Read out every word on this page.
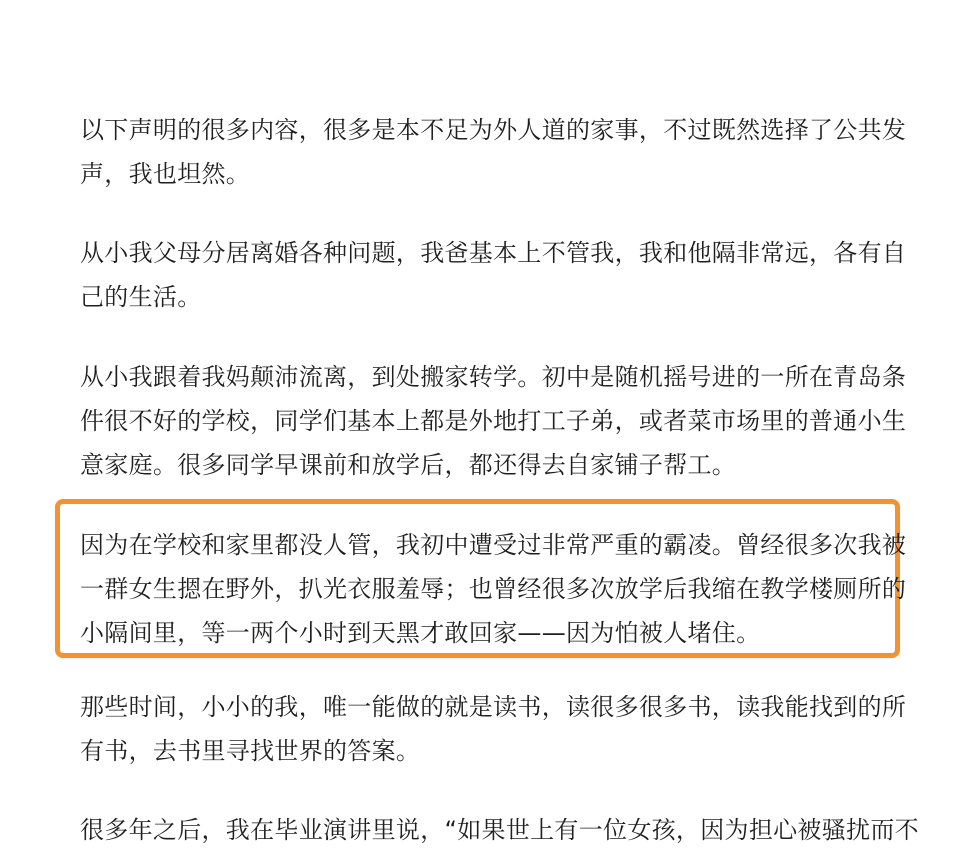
以下声明的很多内容，很多是本不足为外人道的家事，不过既然选择了公共发
声，我也坦然。

从小我父母分居离婚各种问题，我爸基本上不管我，我和他隔非常远，各有自
己的生活。

从小我跟着我妈颠沛流离，到处搬家转学。初中是随机摇号进的一所在青岛条
件很不好的学校，同学们基本上都是外地打工子弟，或者菜市场里的普通小生
意家庭。很多同学早课前和放学后，都还得去自家铺子帮工。

因为在学校和家里都没人管，我初中遭受过非常严重的霸凌。曾经很多次我被
一群女生摁在野外，扒光衣服羞辱；也曾经很多次放学后我缩在教学楼厕所的
小隔间里，等一两个小时到天黑才敢回家——因为怕被人堵住。

那些时间，小小的我，唯一能做的就是读书，读很多很多书，读我能找到的所
有书，去书里寻找世界的答案。

很多年之后，我在毕业演讲里说，“如果世上有一位女孩，因为担心被骚扰而不
